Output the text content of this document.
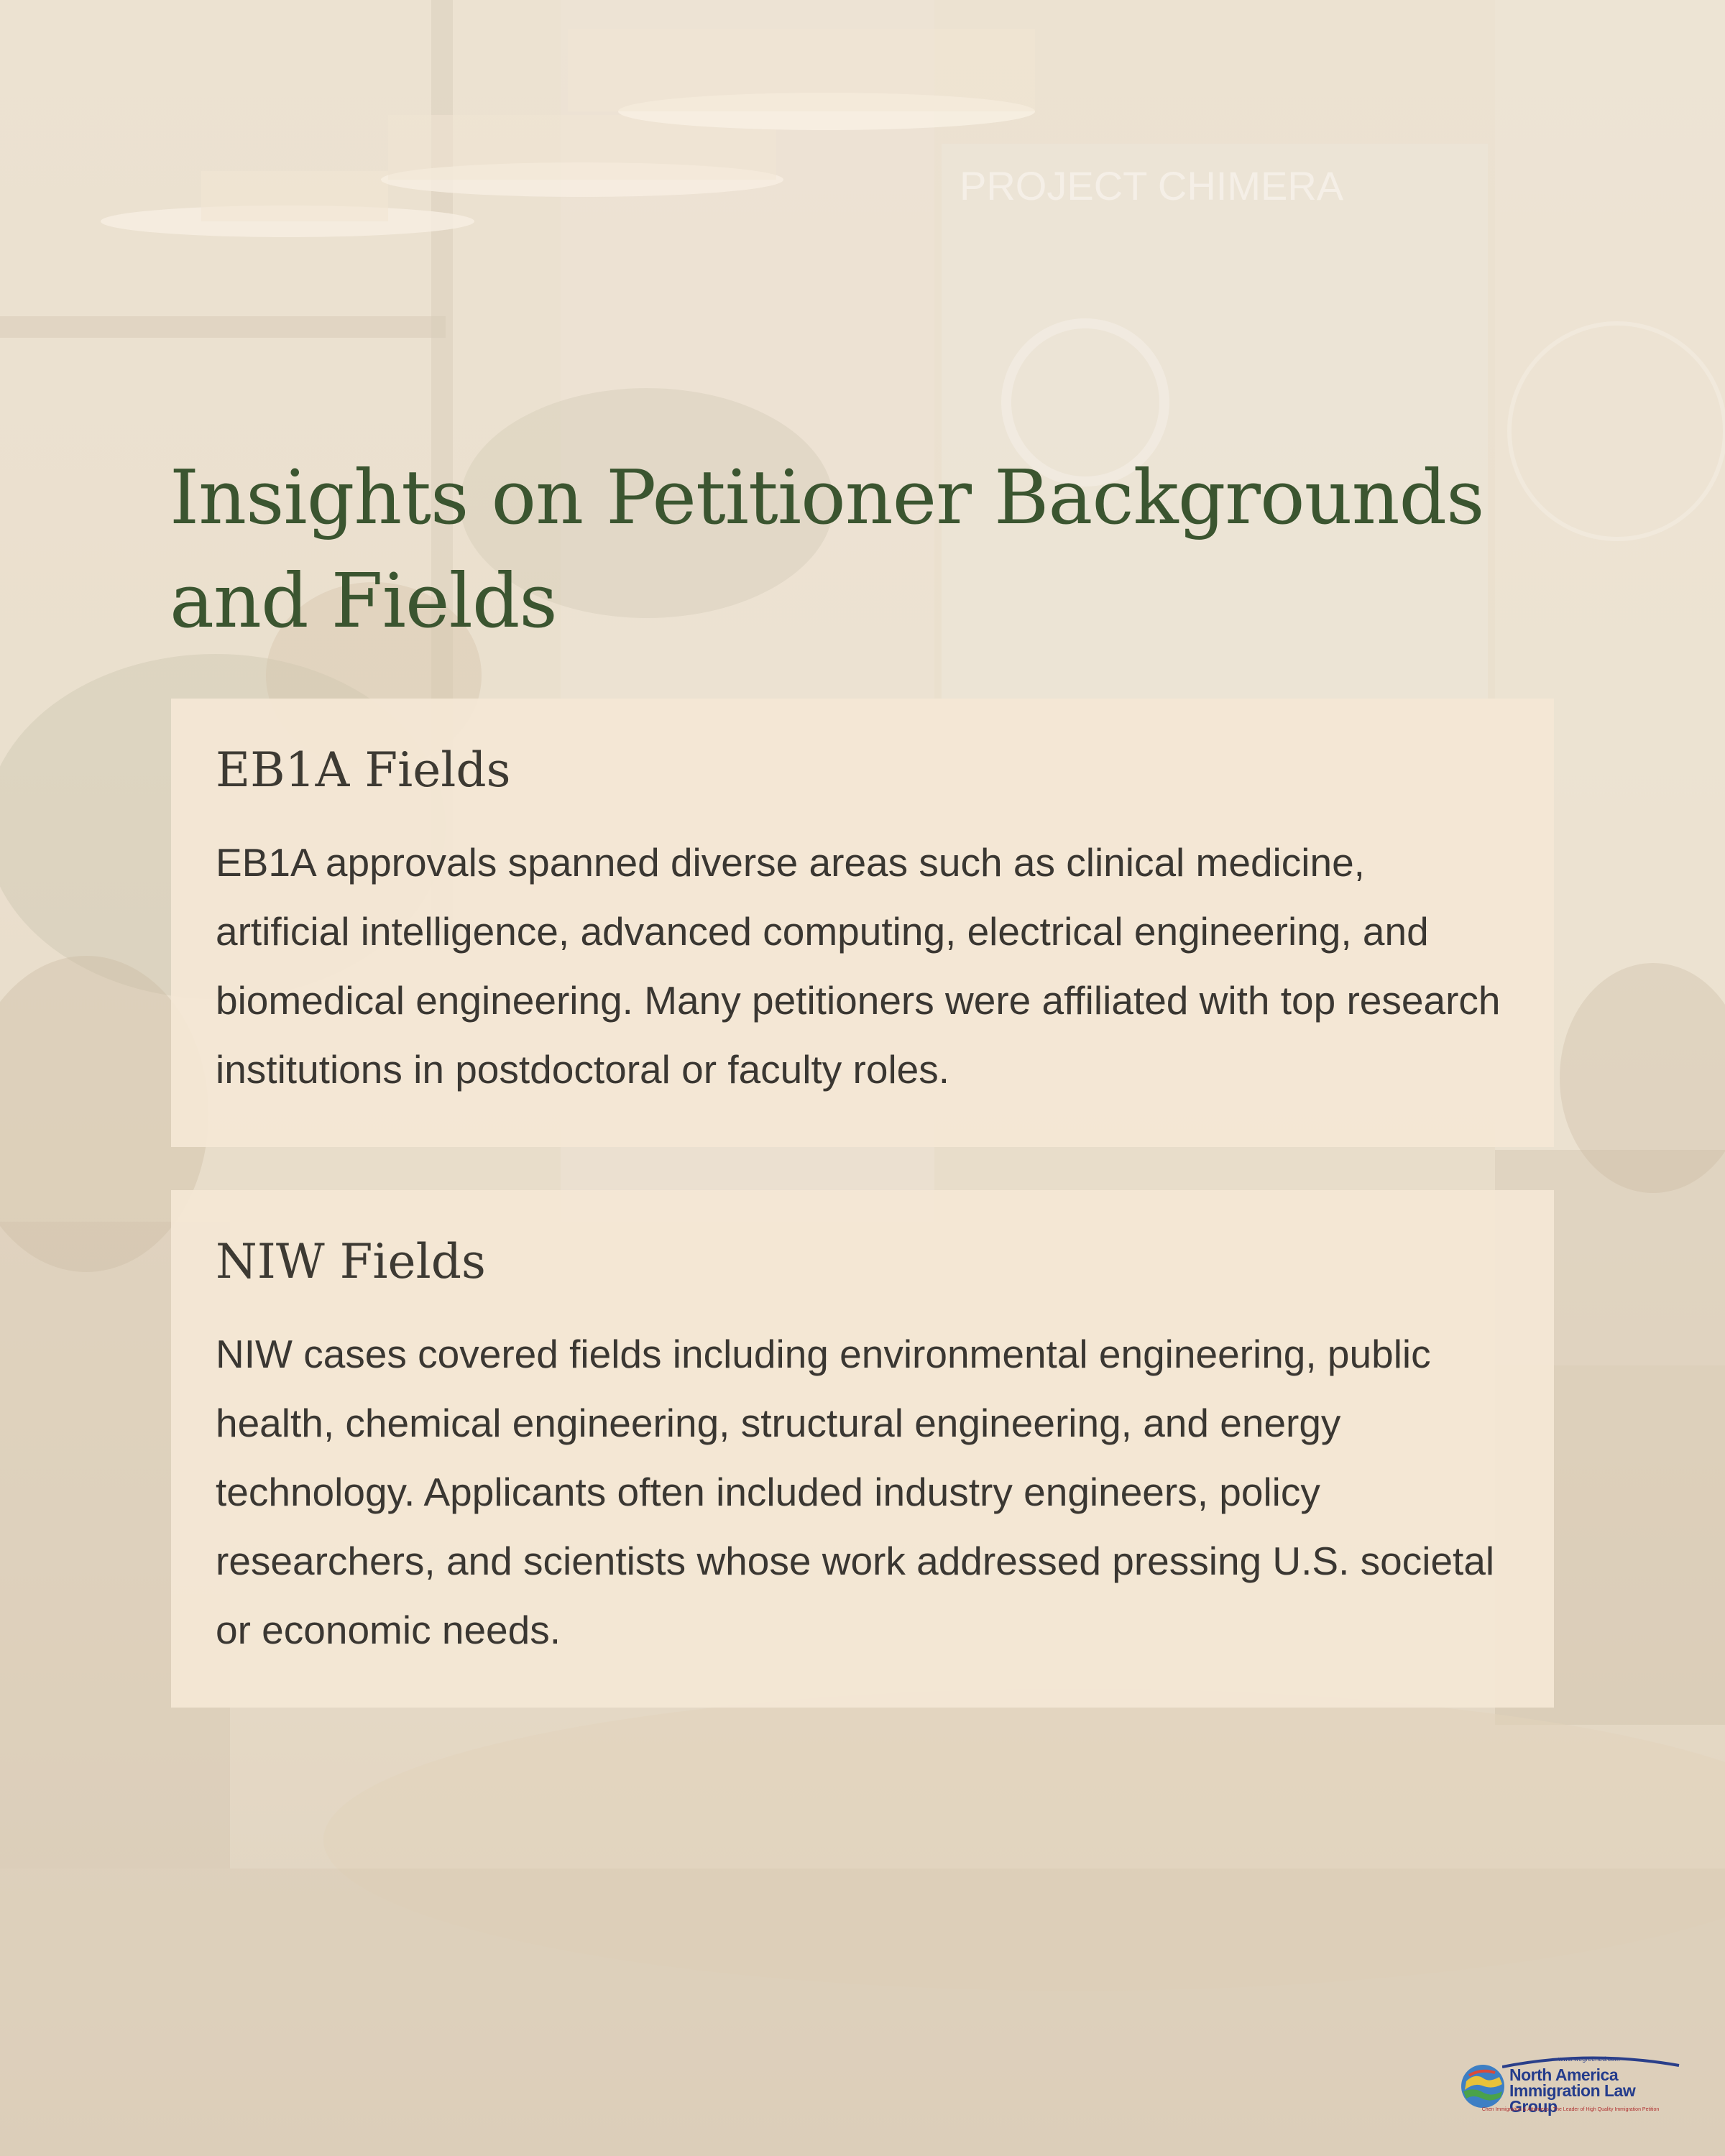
PROJECT CHIMERA
Insights on Petitioner Backgrounds and Fields
EB1A Fields

EB1A approvals spanned diverse areas such as clinical medicine, artificial intelligence, advanced computing, electrical engineering, and biomedical engineering. Many petitioners were affiliated with top research institutions in postdoctoral or faculty roles.

NIW Fields

NIW cases covered fields including environmental engineering, public health, chemical engineering, structural engineering, and energy technology. Applicants often included industry engineers, policy researchers, and scientists whose work addressed pressing U.S. societal or economic needs.

www.wegreened.com
North America
Immigration Law Group
Chen Immigration & Attorneys - The Leader of High Quality Immigration Petition
